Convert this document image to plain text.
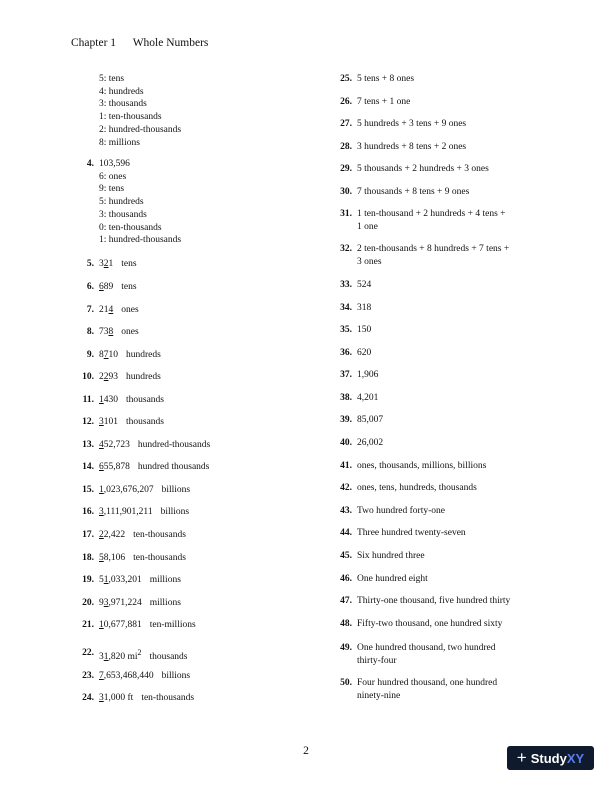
Chapter 1 Whole Numbers
5: tens
4: hundreds
3: thousands
1: ten-thousands
2: hundred-thousands
8: millions
4. 103,596
6: ones
9: tens
5: hundreds
3: thousands
0: ten-thousands
1: hundred-thousands
5. 321 tens
6. 689 tens
7. 214 ones
8. 738 ones
9. 8710 hundreds
10. 2293 hundreds
11. 1430 thousands
12. 3101 thousands
13. 452,723 hundred-thousands
14. 655,878 hundred thousands
15. 1,023,676,207 billions
16. 3,111,901,211 billions
17. 22,422 ten-thousands
18. 58,106 ten-thousands
19. 51,033,201 millions
20. 93,971,224 millions
21. 10,677,881 ten-millions
22. 31,820 $mi^2$ thousands
23. 7,653,468,440 billions
24. 31,000 ft ten-thousands
25. 5 tens + 8 ones
26. 7 tens + 1 one
27. 5 hundreds + 3 tens + 9 ones
28. 3 hundreds + 8 tens + 2 ones
29. 5 thousands + 2 hundreds + 3 ones
30. 7 thousands + 8 tens + 9 ones
31. 1 ten-thousand + 2 hundreds + 4 tens +
1 one
32. 2 ten-thousands + 8 hundreds + 7 tens +
3 ones
33. 524
34. 318
35. 150
36. 620
37. 1,906
38. 4,201
39. 85,007
40. 26,002
41. ones, thousands, millions, billions
42. ones, tens, hundreds, thousands
43. Two hundred forty-one
44. Three hundred twenty-seven
45. Six hundred three
46. One hundred eight
47. Thirty-one thousand, five hundred thirty
48. Fifty-two thousand, one hundred sixty
49. One hundred thousand, two hundred
thirty-four
50. Four hundred thousand, one hundred
ninety-nine
2	+ Study XY
